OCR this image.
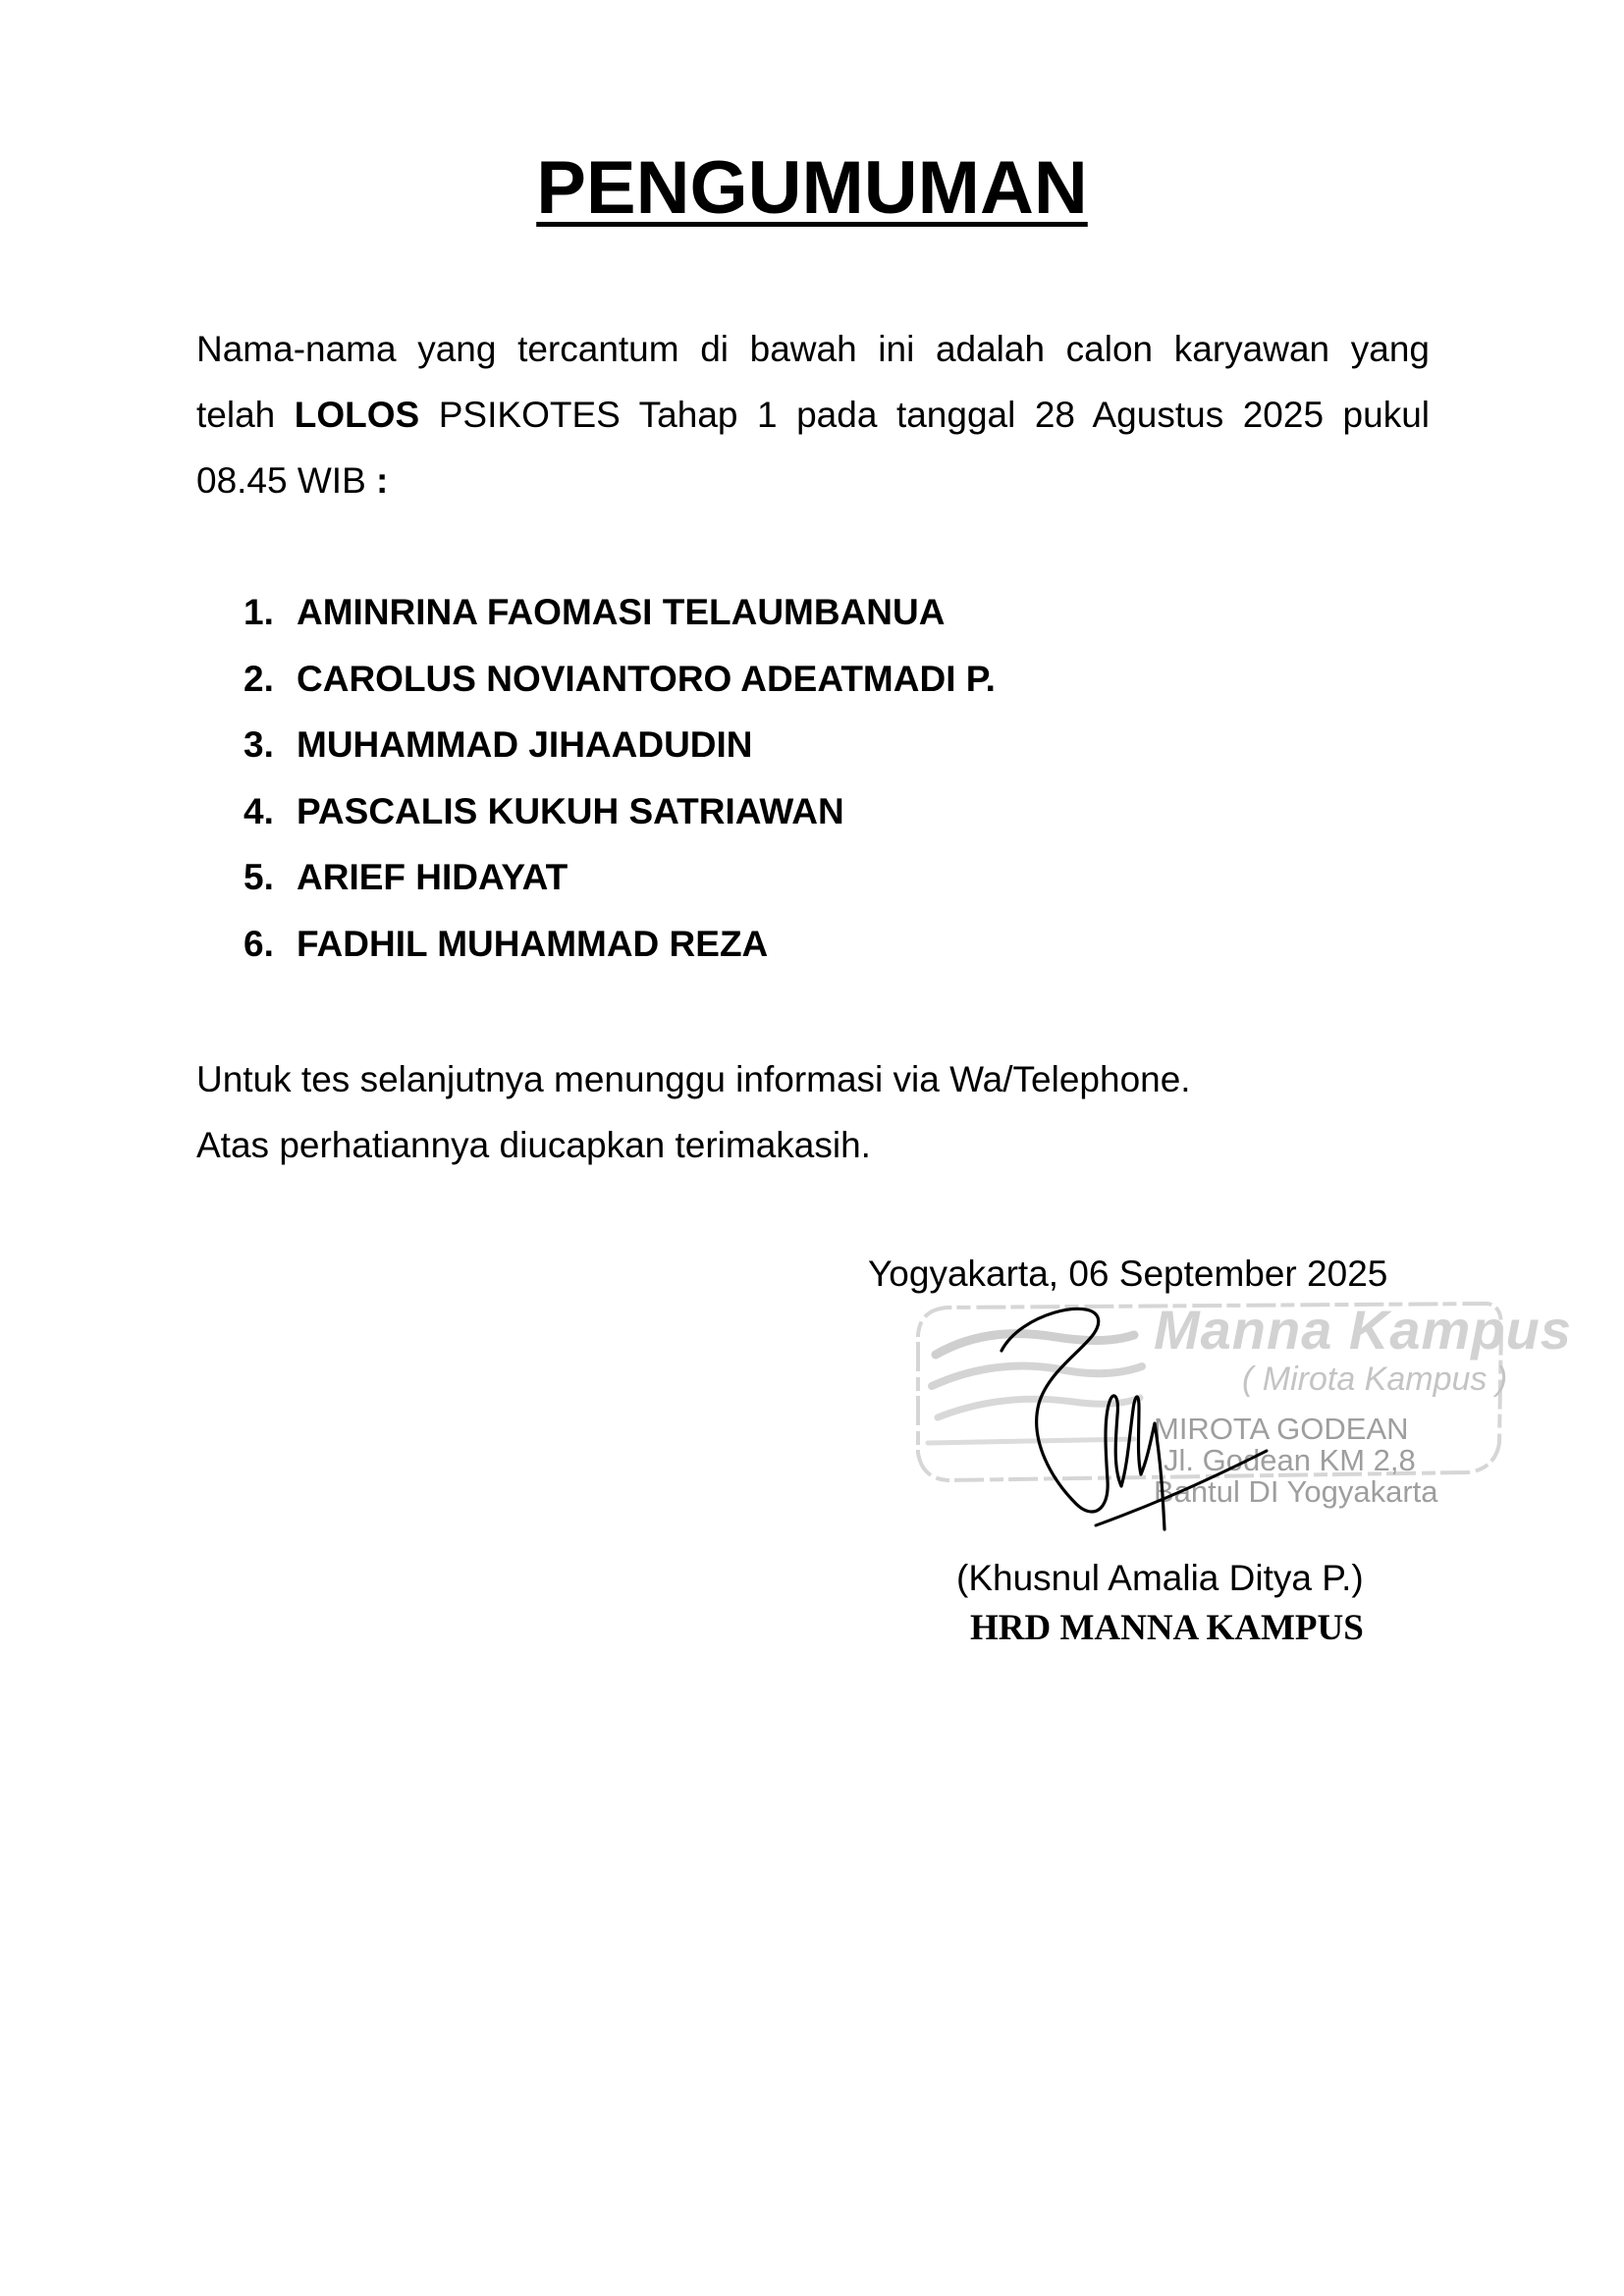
PENGUMUMAN
Nama-nama yang tercantum di bawah ini adalah calon karyawan yang
telah LOLOS PSIKOTES Tahap 1 pada tanggal 28 Agustus 2025 pukul
08.45 WIB :
1. AMINRINA FAOMASI TELAUMBANUA
2. CAROLUS NOVIANTORO ADEATMADI P.
3. MUHAMMAD JIHAADUDIN
4. PASCALIS KUKUH SATRIAWAN
5. ARIEF HIDAYAT
6. FADHIL MUHAMMAD REZA

Untuk tes selanjutnya menunggu informasi via Wa/Telephone.

Atas perhatiannya diucapkan terimakasih.

Yogyakarta, 06 September 2025
Manna Kampus
( Mirota Kampus )
MIROTA GODEAN
Jl. Godean KM 2,8
Bantul DI Yogyakarta
(Khusnul Amalia Ditya P.)
HRD MANNA KAMPUS
